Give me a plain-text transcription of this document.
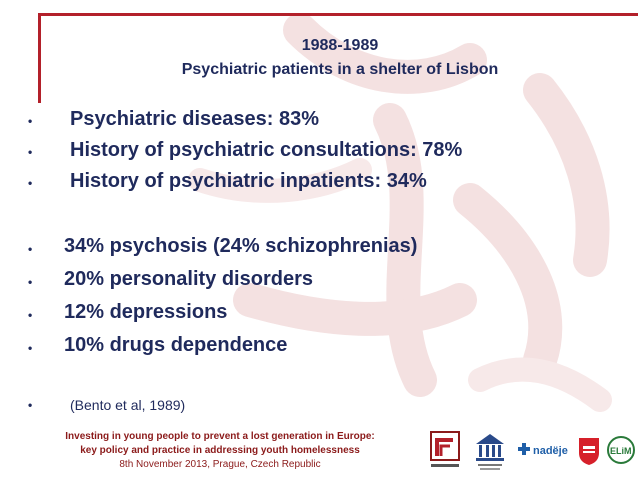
1988-1989
Psychiatric patients in a shelter of Lisbon
• Psychiatric diseases: 83%
• History of psychiatric consultations: 78%
• History of psychiatric inpatients: 34%
• 34% psychosis (24% schizophrenias)
• 20% personality disorders
• 12% depressions
• 10% drugs dependence
•	(Bento et al, 1989)
Investing in young people to prevent a lost generation in Europe:
key policy and practice in addressing youth homelessness
8th November 2013, Prague, Czech Republic
nadëje	ELiM
